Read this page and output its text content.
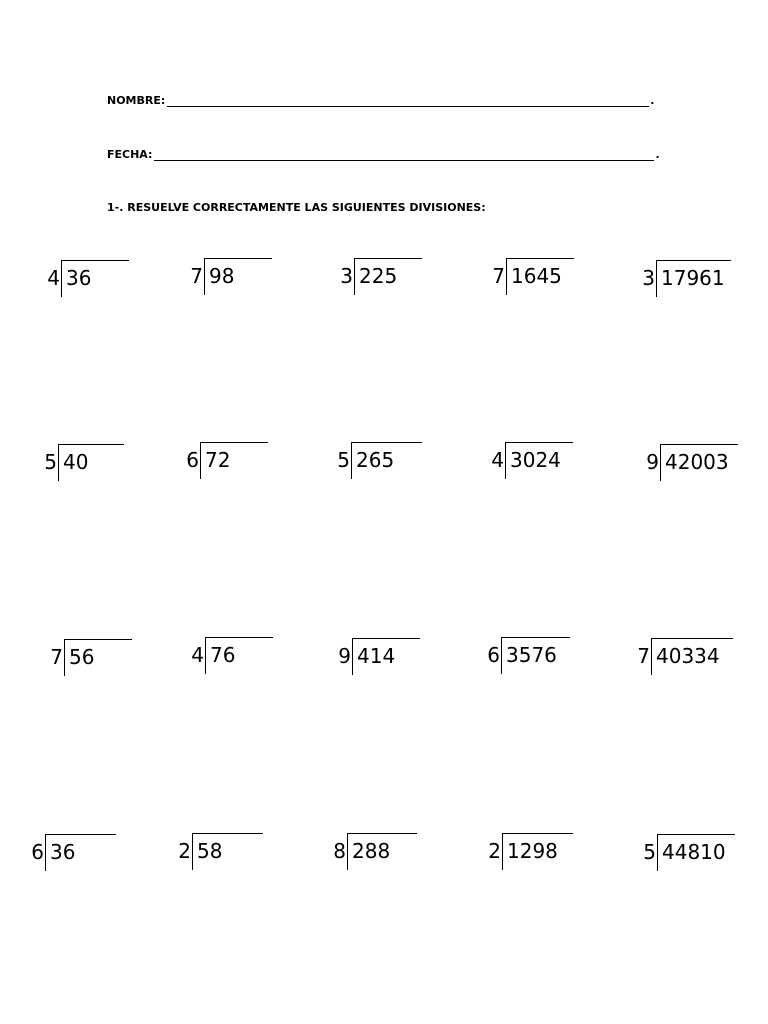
NOMBRE:	.
FECHA:	.

1-. RESUELVE CORRECTAMENTE LAS SIGUIENTES DIVISIONES:

4 36	7 98	3 225	7 1645	3 17961
5 40	6 72	5 265	4 3024	9 42003
7 56	4 76	9 414	6 3576	7 40334
6 36	2 58	8 288	2 1298	5 44810
